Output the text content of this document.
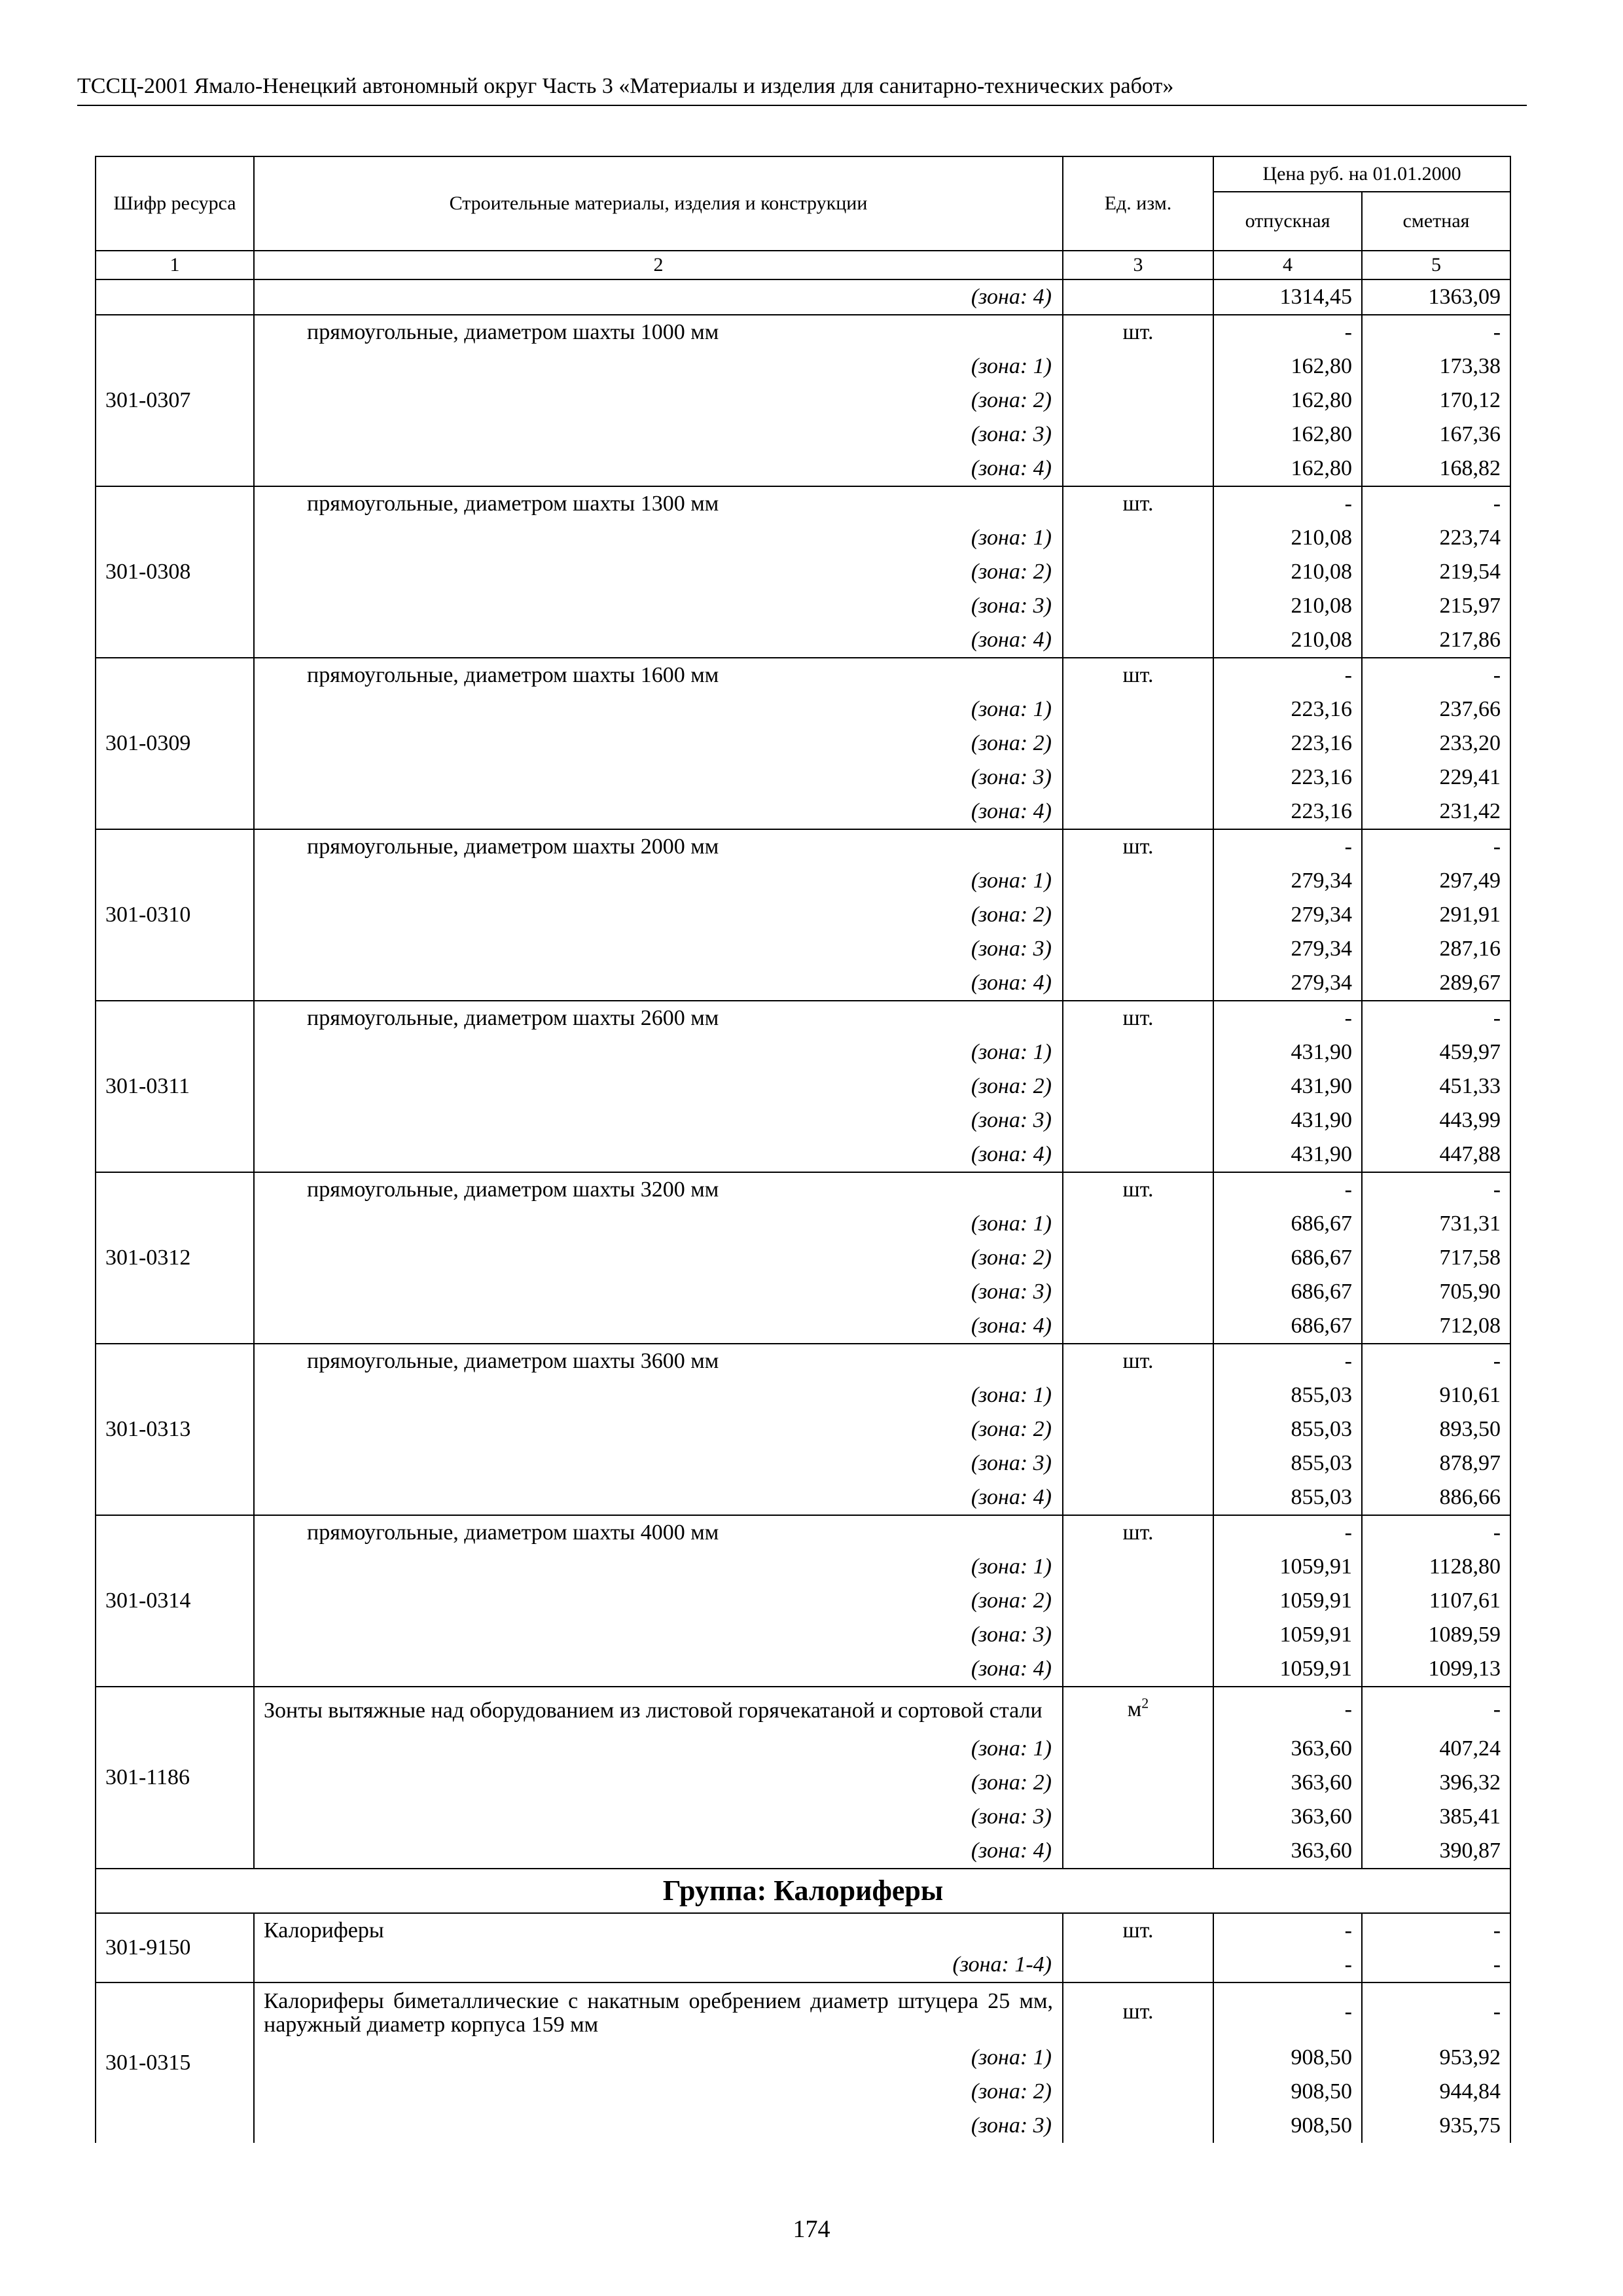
ТССЦ-2001 Ямало-Ненецкий автономный округ Часть 3 «Материалы и изделия для санитарно-технических работ»
Шифр ресурса	Строительные материалы, изделия и конструкции	Ед. изм.	Цена руб. на 01.01.2000	
			отпускная	сметная
1	2	3	4	5
	(зона: 4)		1314,45	1363,09
301-0307	прямоугольные, диаметром шахты 1000 мм	шт.	-	-
	(зона: 1)		162,80	173,38
	(зона: 2)		162,80	170,12
	(зона: 3)		162,80	167,36
	(зона: 4)		162,80	168,82
301-0308	прямоугольные, диаметром шахты 1300 мм	шт.	-	-
	(зона: 1)		210,08	223,74
	(зона: 2)		210,08	219,54
	(зона: 3)		210,08	215,97
	(зона: 4)		210,08	217,86
301-0309	прямоугольные, диаметром шахты 1600 мм	шт.	-	-
	(зона: 1)		223,16	237,66
	(зона: 2)		223,16	233,20
	(зона: 3)		223,16	229,41
	(зона: 4)		223,16	231,42
301-0310	прямоугольные, диаметром шахты 2000 мм	шт.	-	-
	(зона: 1)		279,34	297,49
	(зона: 2)		279,34	291,91
	(зона: 3)		279,34	287,16
	(зона: 4)		279,34	289,67
301-0311	прямоугольные, диаметром шахты 2600 мм	шт.	-	-
	(зона: 1)		431,90	459,97
	(зона: 2)		431,90	451,33
	(зона: 3)		431,90	443,99
	(зона: 4)		431,90	447,88
301-0312	прямоугольные, диаметром шахты 3200 мм	шт.	-	-
	(зона: 1)		686,67	731,31
	(зона: 2)		686,67	717,58
	(зона: 3)		686,67	705,90
	(зона: 4)		686,67	712,08
301-0313	прямоугольные, диаметром шахты 3600 мм	шт.	-	-
	(зона: 1)		855,03	910,61
	(зона: 2)		855,03	893,50
	(зона: 3)		855,03	878,97
	(зона: 4)		855,03	886,66
301-0314	прямоугольные, диаметром шахты 4000 мм	шт.	-	-
	(зона: 1)		1059,91	1128,80
	(зона: 2)		1059,91	1107,61
	(зона: 3)		1059,91	1089,59
	(зона: 4)		1059,91	1099,13
301-1186	Зонты вытяжные над оборудованием из листовой горячекатаной и сортовой стали	$м^2$	-	-
	(зона: 1)		363,60	407,24
	(зона: 2)		363,60	396,32
	(зона: 3)		363,60	385,41
	(зона: 4)		363,60	390,87
Группа: Калориферы				
301-9150	Калориферы	шт.	-	-
	(зона: 1-4)		-	-
301-0315	Калориферы биметаллические с накатным оребрением диаметр штуцера 25 мм, наружный диаметр корпуса 159 мм	шт.	-	-
	(зона: 1)		908,50	953,92
	(зона: 2)		908,50	944,84
	(зона: 3)		908,50	935,75
174
